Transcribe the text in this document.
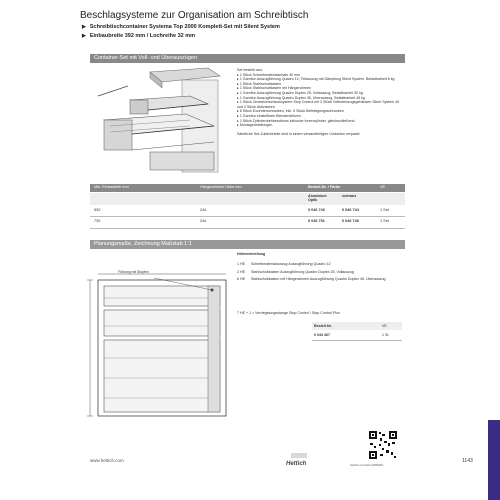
Beschlagsysteme zur Organisation am Schreibtisch
▶ Schreibtischcontainer Systema Top 2000 Komplett-Set mit Silent System
▶ Einbaubreite 392 mm / Lochreihe 32 mm
Container-Set mit Voll- und Überauszügen
Set besteht aus:
▸ 1 Stück Schreibmaterialschale 40 mm
▸ 1 Garnitur Auszugführung Quadro 12, Teilauszug mit Dämpfung Silent System, Belastbarkeit 6 kg
▸ 1 Stück Stahlschubkasten
▸ 1 Stück Stahlschubkasten mit Hängerahmen
▸ 1 Garnitur Auszugführung Quadro Duplex 25, Vollauszug, Belastbarkeit 30 kg
▸ 1 Garnitur Auszugführung Quadro Duplex 45, Überauszug, Belastbarkeit 45 kg
▸ 1 Stück Zentralverschlusssystem Stop Control mit 2 Stück Selbsteinzugsgehäusen Silent System 40 und 2 Stück Aktivatoren
▸ 6 Stück Exzenterschrauben, inkl. 6 Stück Befestigungsschrauben
▸ 1 Garnitur einstellbare Blendenstützen
▸ 1 Stück Zylinderdrehbeschluss inklusive Innenzylinder, gleichschließend
▸ Montageanleitungen
Sämtliche Set-Zubehörteile sind in einem versandfertigen Umkarton verpackt.
Min. Einbautiefe mm	Hängerahmen Höhe mm	Bestell-Nr. / Farbe	VE
Aluminium Optik
schwarz
530	244	0 046 740	0 046 744	1 Set
730	244	0 046 751	0 046 746	1 Set
Planungsmaße, Zeichnung Maßstab 1:1
Führung mit Stopfen
Höheneinteilung
1 HE	Schreibmaterialauszug Auszugführung Quadro 12
2 HE	Stahlschubkasten Auszugführung Quadro Duplex 25, Vollauszug
6 HE	Stahlschubkasten mit Hängerahmen Auszugführung Quadro Duplex 45, Überauszug
7 HE + 1 = Verriegelungsstange Stop Control / Stop Control Plus
Bestell-Nr.	VE
0 043 467	1 St.
hettich.com/short/d56d5c
www.hettich.com
Hettich	1143
